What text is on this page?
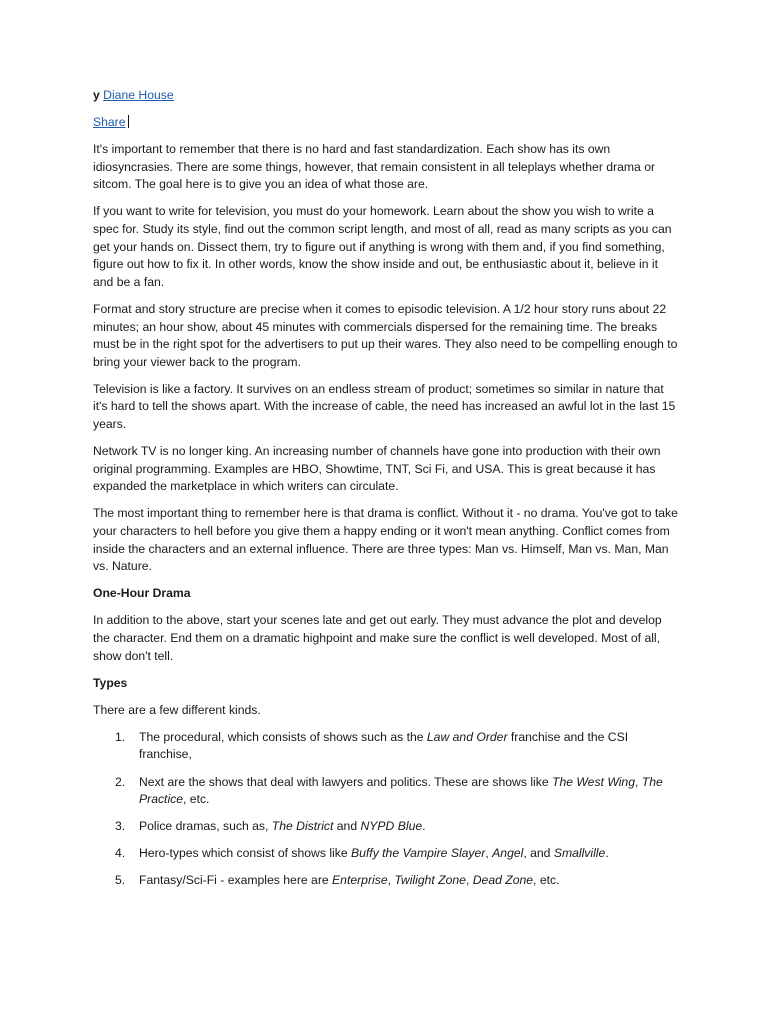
y Diane House

Share

It's important to remember that there is no hard and fast standardization. Each show has its own idiosyncrasies. There are some things, however, that remain consistent in all teleplays whether drama or sitcom. The goal here is to give you an idea of what those are.

If you want to write for television, you must do your homework. Learn about the show you wish to write a spec for. Study its style, find out the common script length, and most of all, read as many scripts as you can get your hands on. Dissect them, try to figure out if anything is wrong with them and, if you find something, figure out how to fix it. In other words, know the show inside and out, be enthusiastic about it, believe in it and be a fan.

Format and story structure are precise when it comes to episodic television. A 1/2 hour story runs about 22 minutes; an hour show, about 45 minutes with commercials dispersed for the remaining time. The breaks must be in the right spot for the advertisers to put up their wares. They also need to be compelling enough to bring your viewer back to the program.

Television is like a factory. It survives on an endless stream of product; sometimes so similar in nature that it's hard to tell the shows apart. With the increase of cable, the need has increased an awful lot in the last 15 years.

Network TV is no longer king. An increasing number of channels have gone into production with their own original programming. Examples are HBO, Showtime, TNT, Sci Fi, and USA. This is great because it has expanded the marketplace in which writers can circulate.

The most important thing to remember here is that drama is conflict. Without it - no drama. You've got to take your characters to hell before you give them a happy ending or it won't mean anything. Conflict comes from inside the characters and an external influence. There are three types: Man vs. Himself, Man vs. Man, Man vs. Nature.

One-Hour Drama

In addition to the above, start your scenes late and get out early. They must advance the plot and develop the character. End them on a dramatic highpoint and make sure the conflict is well developed. Most of all, show don't tell.

Types

There are a few different kinds.

1. The procedural, which consists of shows such as the Law and Order franchise and the CSI franchise,
2. Next are the shows that deal with lawyers and politics. These are shows like The West Wing, The Practice, etc.
3. Police dramas, such as, The District and NYPD Blue.
4. Hero-types which consist of shows like Buffy the Vampire Slayer, Angel, and Smallville.
5. Fantasy/Sci-Fi - examples here are Enterprise, Twilight Zone, Dead Zone, etc.
